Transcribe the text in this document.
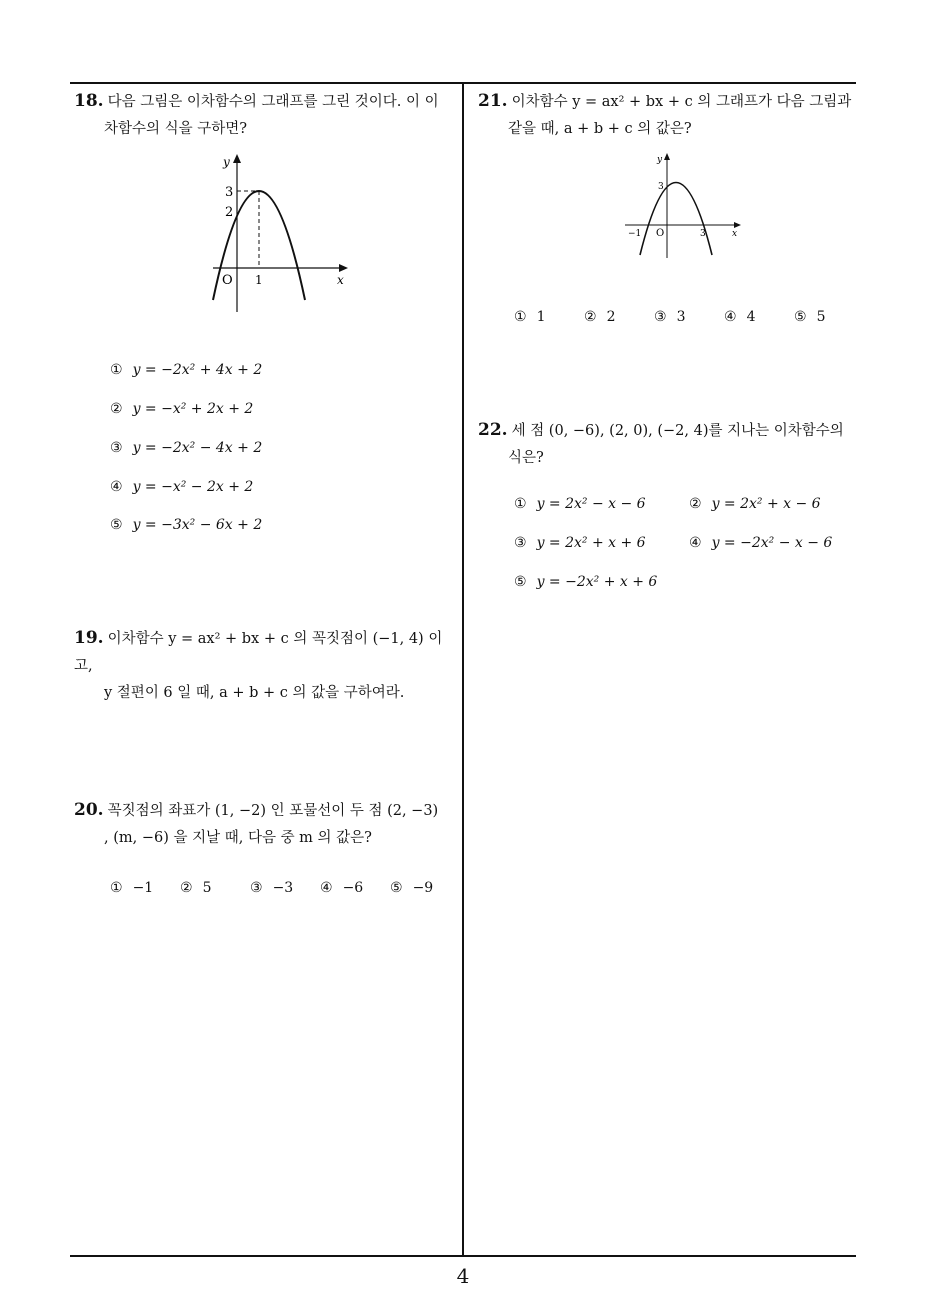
18. 다음 그림은 이차함수의 그래프를 그린 것이다. 이 이
차함수의 식을 구하면?
y
x
O
3
2
1
① y = −2x² + 4x + 2
② y = −x² + 2x + 2
③ y = −2x² − 4x + 2
④ y = −x² − 2x + 2
⑤ y = −3x² − 6x + 2
19. 이차함수 y = ax² + bx + c 의 꼭짓점이 (−1, 4) 이고,
y 절편이 6 일 때, a + b + c 의 값을 구하여라.
20. 꼭짓점의 좌표가 (1, −2) 인 포물선이 두 점 (2, −3)
, (m, −6) 을 지날 때, 다음 중 m 의 값은?
① −1 ② 5	③ −3 ④ −6 ⑤ −9
21. 이차함수 y = ax² + bx + c 의 그래프가 다음 그림과
같을 때, a + b + c 의 값은?
y
x
O
3
−1	3
① 1	② 2	③ 3	④ 4	⑤ 5
22. 세 점 (0, −6), (2, 0), (−2, 4)를 지나는 이차함수의
식은?
① y = 2x² − x − 6	② y = 2x² + x − 6
③ y = 2x² + x + 6	④ y = −2x² − x − 6
⑤ y = −2x² + x + 6
4
